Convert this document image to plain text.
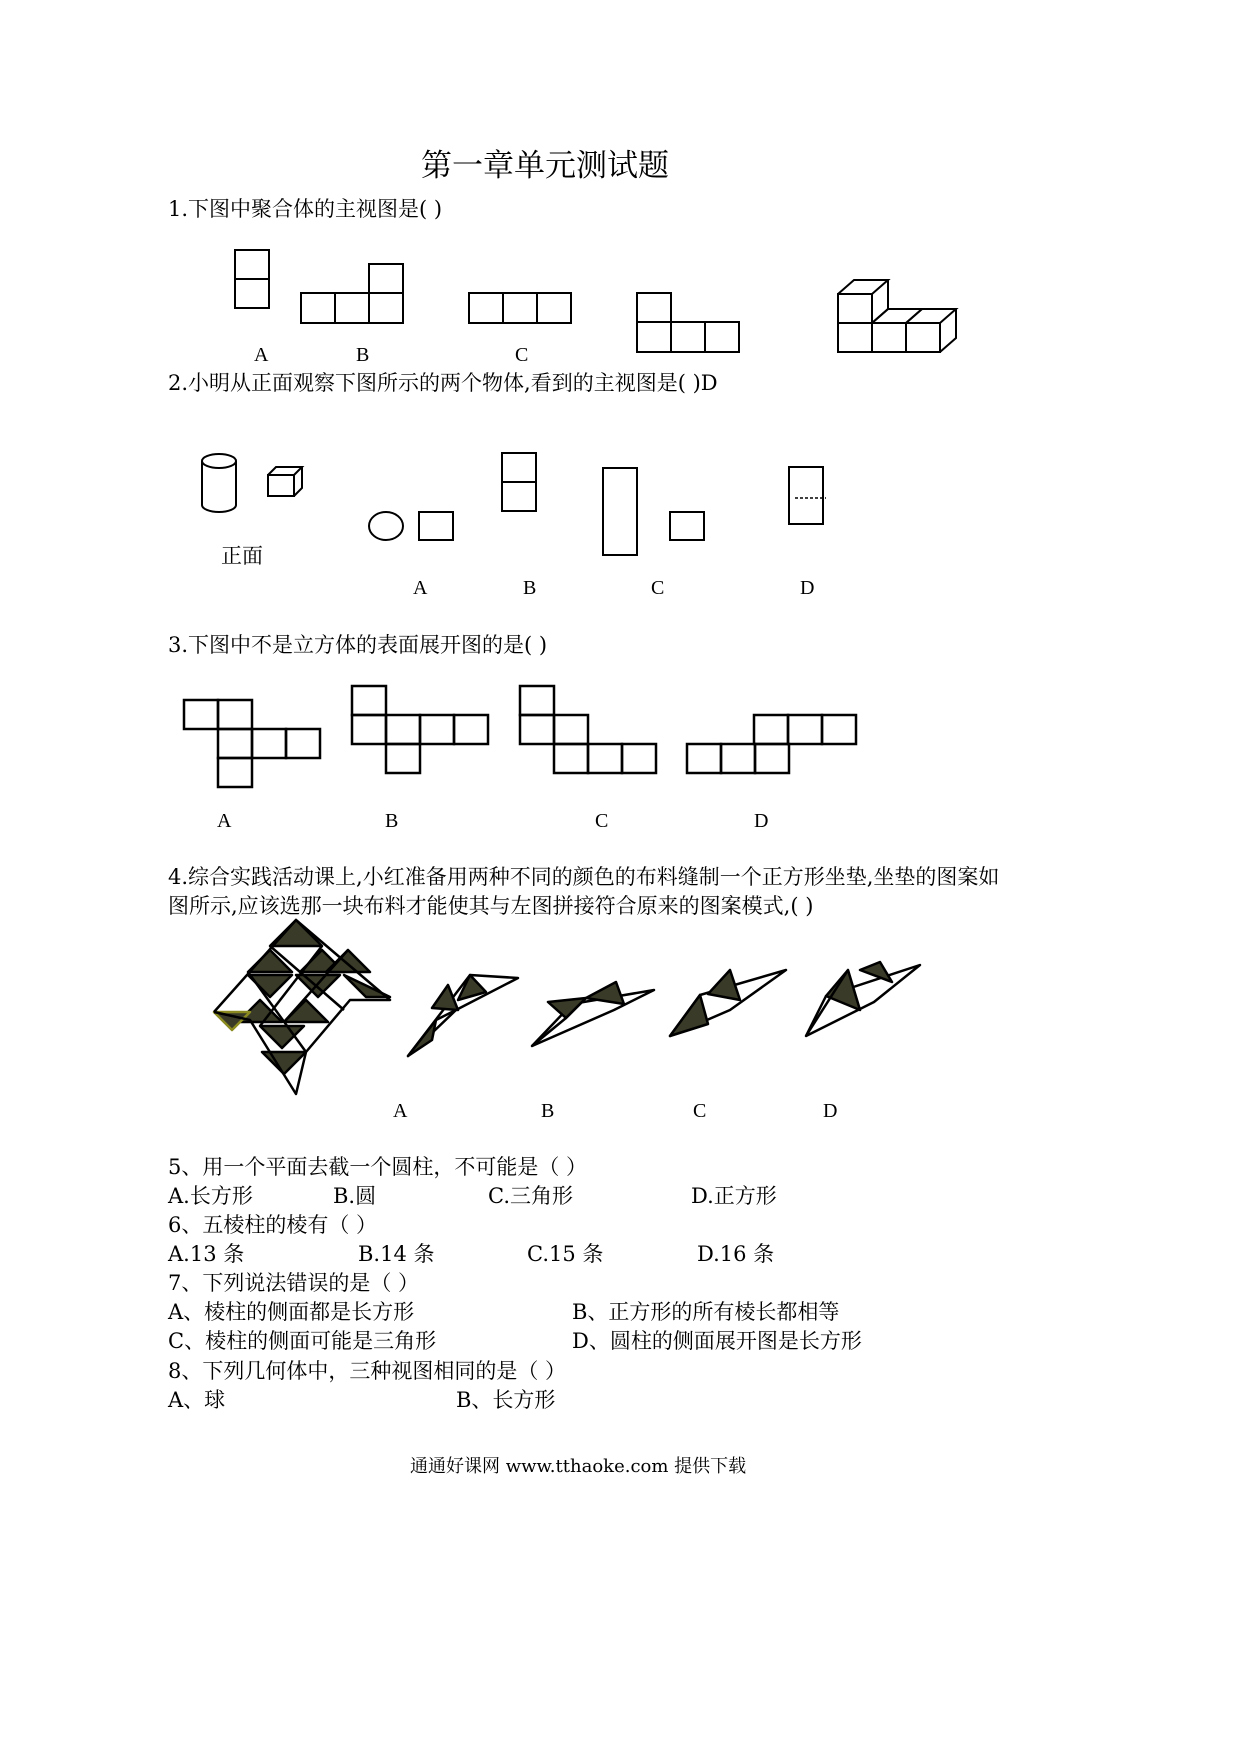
第一章单元测试题
1.下图中聚合体的主视图是( )
A	B	C
2.小明从正面观察下图所示的两个物体,看到的主视图是( )D
正面
A	B	C	D
3.下图中不是立方体的表面展开图的是( )
A	B	C	D
4.综合实践活动课上,小红准备用两种不同的颜色的布料缝制一个正方形坐垫,坐垫的图案如
图所示,应该选那一块布料才能使其与左图拼接符合原来的图案模式,( )
A	B	C	D
5、用一个平面去截一个圆柱，不可能是（ ）
A.长方形	B.圆	C.三角形	D.正方形
6、五棱柱的棱有（ ）
A.13 条	B.14 条	C.15 条	D.16 条
7、下列说法错误的是（ ）
A、棱柱的侧面都是长方形	B、正方形的所有棱长都相等
C、棱柱的侧面可能是三角形	D、圆柱的侧面展开图是长方形
8、下列几何体中，三种视图相同的是（ ）
A、球	B、长方形
通通好课网 www.tthaoke.com 提供下载
